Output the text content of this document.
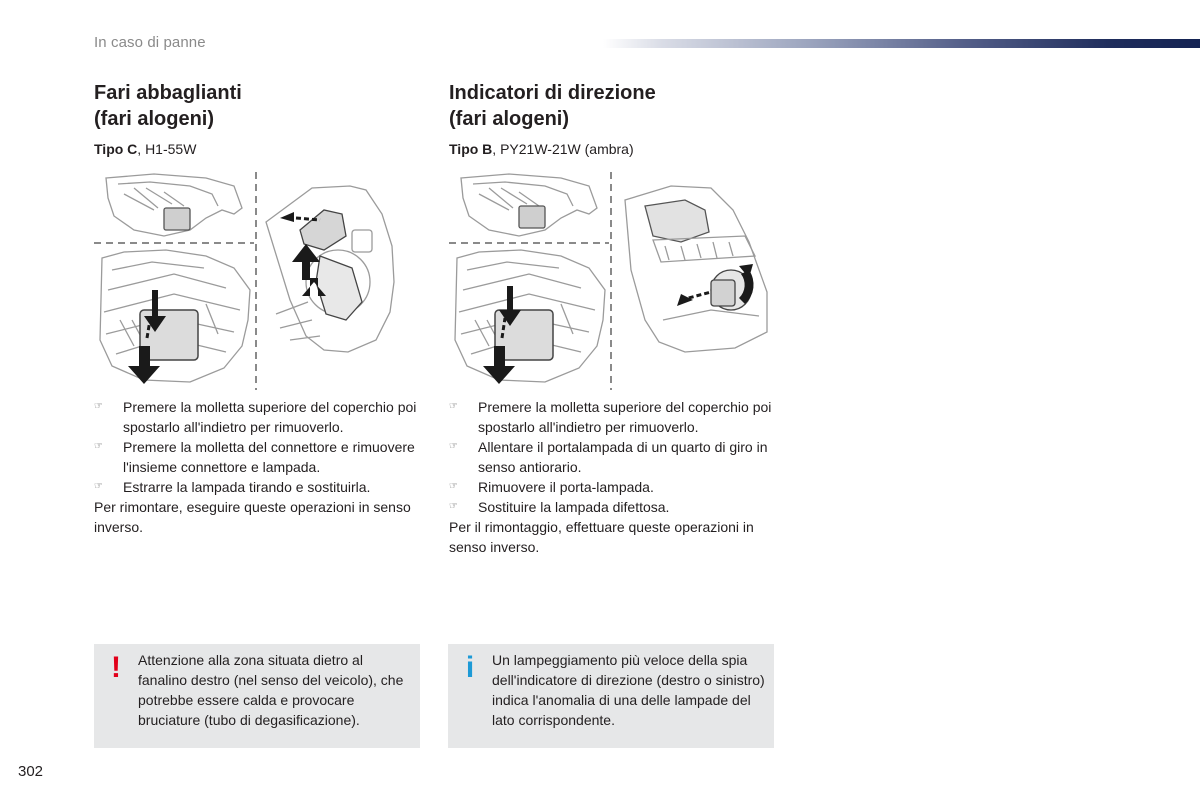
In caso di panne
Fari abbaglianti
(fari alogeni)
Tipo C, H1-55W
☞ Premere la molletta superiore del coperchio poi spostarlo all'indietro per rimuoverlo.
☞ Premere la molletta del connettore e rimuovere l'insieme connettore e lampada.
☞ Estrarre la lampada tirando e sostituirla.
Per rimontare, eseguire queste operazioni in senso inverso.
!	Attenzione alla zona situata dietro al fanalino destro (nel senso del veicolo), che potrebbe essere calda e provocare bruciature (tubo di degasificazione).
Indicatori di direzione
(fari alogeni)
Tipo B, PY21W-21W (ambra)
☞ Premere la molletta superiore del coperchio poi spostarlo all'indietro per rimuoverlo.
☞ Allentare il portalampada di un quarto di giro in senso antiorario.
☞ Rimuovere il porta-lampada.
☞ Sostituire la lampada difettosa.
Per il rimontaggio, effettuare queste operazioni in senso inverso.
i	Un lampeggiamento più veloce della spia dell'indicatore di direzione (destro o sinistro) indica l'anomalia di una delle lampade del lato corrispondente.
302
